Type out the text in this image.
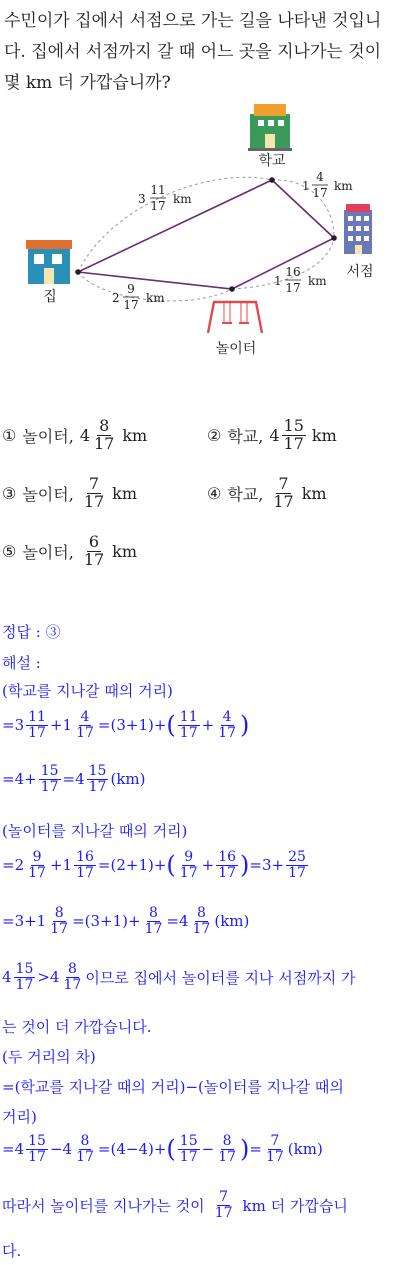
수민이가 집에서 서점으로 가는 길을 나타낸 것입니다. 집에서 서점까지 갈 때 어느 곳을 지나가는 것이 몇 km 더 가깝습니까?
학교
서점
집
놀이터
3
11
17 km
1
4
17 km
2
9
17 km
1
16
17 km
① 놀이터, $4 \frac{8}{17}$ km	② 학교, $4 \frac{15}{17}$ km
③ 놀이터, $\frac{7}{17}$ km	④ 학교, $\frac{7}{17}$ km
⑤ 놀이터, $\frac{6}{17}$ km
정답 : ③
해설 :
(학교를 지나갈 때의 거리)
$=3 \frac{11}{17} +1 \frac{4}{17} =(3+1)+$ ( $\frac{11}{17} + \frac{4}{17}$ )
$=4+ \frac{15}{17} =4 \frac{15}{17} (km)$
(놀이터를 지나갈 때의 거리)
$=2 \frac{9}{17} +1 \frac{16}{17} =(2+1)+$ ( $\frac{9}{17} + \frac{16}{17}$ ) $=3+ \frac{25}{17}$
$=3+1 \frac{8}{17} =(3+1)+ \frac{8}{17} =4 \frac{8}{17} (km)$
$4 \frac{15}{17} >4 \frac{8}{17}$ 이므로 집에서 놀이터를 지나 서점까지 가
는 것이 더 가깝습니다.
(두 거리의 차)
=(학교를 지나갈 때의 거리)−(놀이터를 지나갈 때의
거리)
$=4 \frac{15}{17} -4 \frac{8}{17} =(4-4)+$ ( $\frac{15}{17} - \frac{8}{17}$ ) = $\frac{7}{17} (km)$
따라서 놀이터를 지나가는 것이 $\frac{7}{17}$ km 더 가깝습니
다.
